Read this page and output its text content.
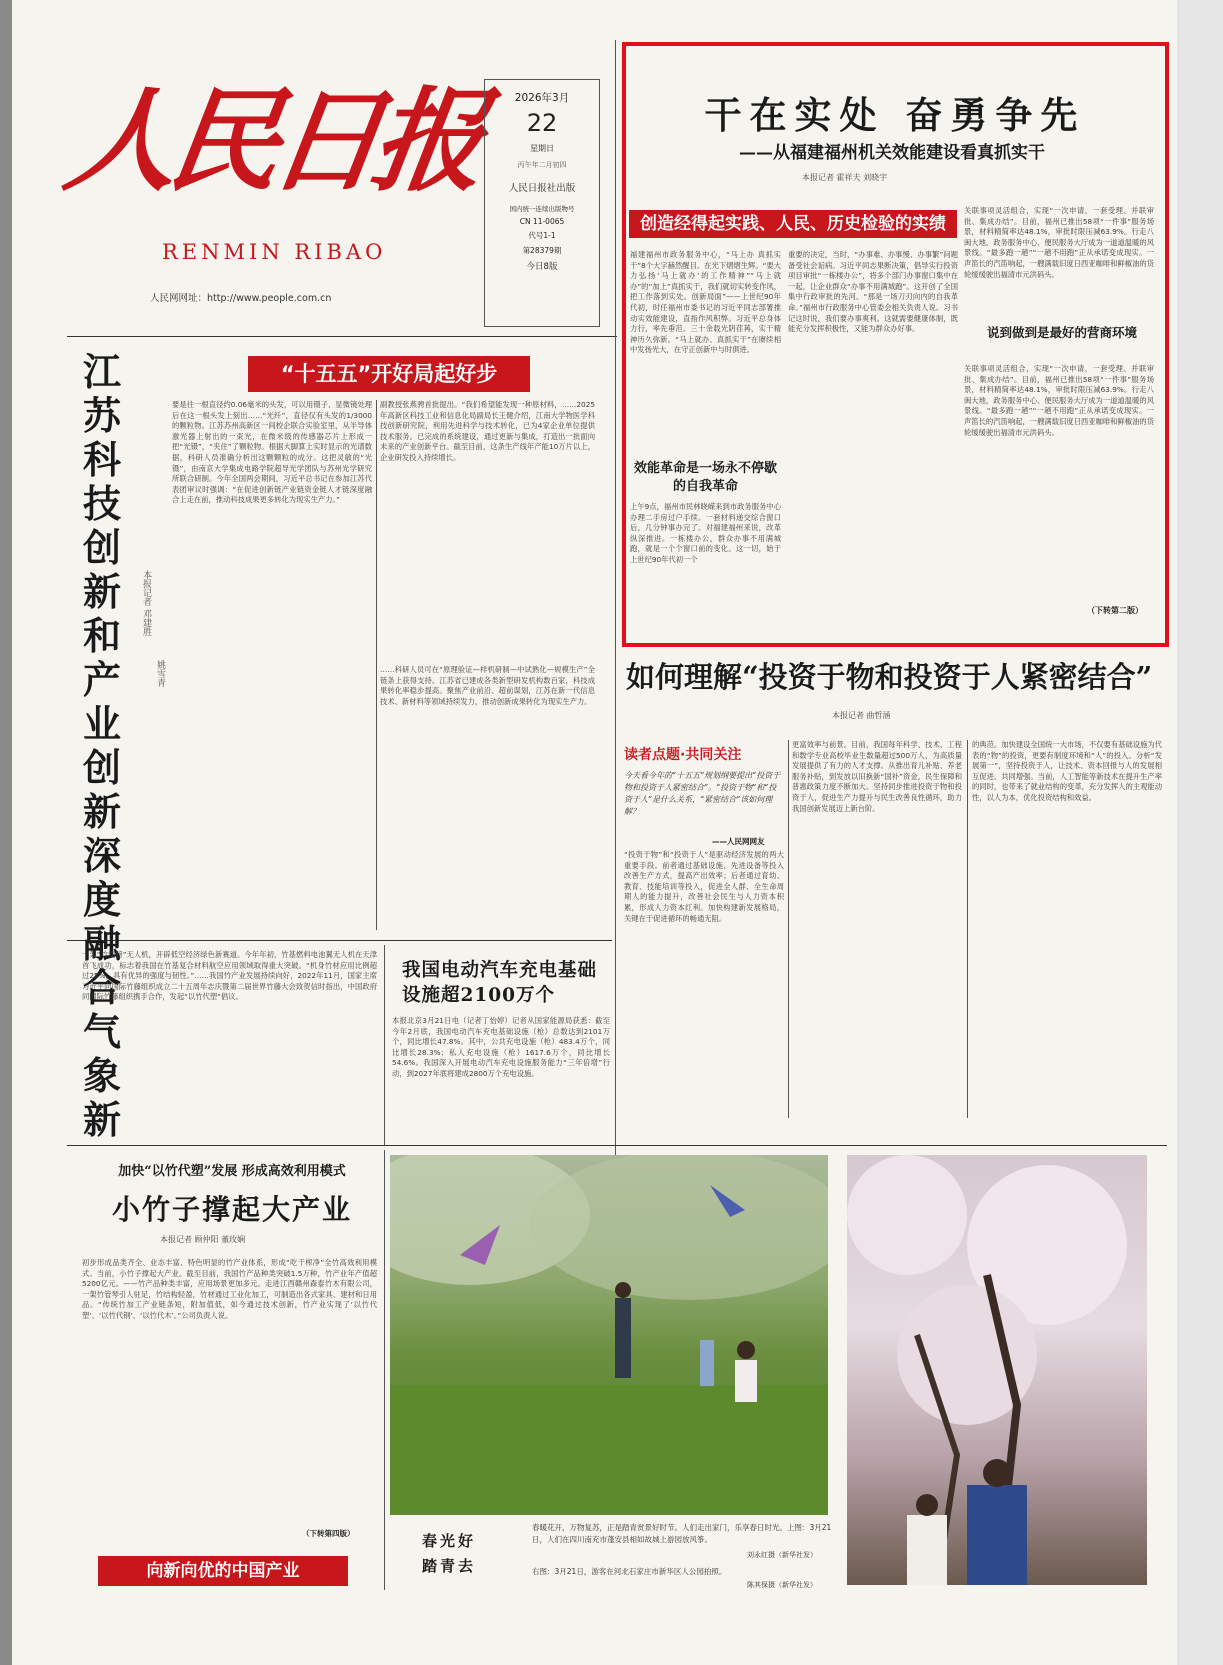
人民日报
RENMIN RIBAO
人民网网址：http://www.people.com.cn
2026年3月
22
星期日
丙午年二月初四
人民日报社出版
国内统一连续出版物号
CN 11-0065
代号1-1
第28379期
今日8版
干在实处 奋勇争先
——从福建福州机关效能建设看真抓实干
本报记者 霍祥夫 刘晓宇
创造经得起实践、人民、历史检验的实绩
福建福州市政务服务中心，“马上办 真抓实干”8个大字赫然醒目。在光下熠熠生辉。“要大力弘扬‘马上就办’的工作精神”“马上就办”的“加上”真抓实干，我们就切实转变作风，把工作落到实处。创新局面”——上世纪90年代初，时任福州市委书记的习近平同志部署推动实效能建设，直指作风积弊。习近平总身体力行，率先垂范。三十余载光阴荏苒，实干精神历久弥新。“马上就办、真抓实干”在赓续相中发扬光大，在守正创新中与时俱进。
效能革命是一场永不停歇的自我革命
上午9点，福州市民林晓嵘来到市政务服务中心办理二手房过户手续。一套材料递交综合窗口后，几分钟事办完了。对福建福州来说，改革纵深推进。一栋楼办公，群众办事不用满城跑，就是一个个窗口前的变化。这一切，始于上世纪90年代初一个
重要的决定，当时，“办事难、办事慢、办事繁”问题备受社会诟病。习近平同志果断决策，倡导实行投资项目审批“一栋楼办公”，将多个部门办事窗口集中在一起，让企业群众“办事不用满城跑”。这开创了全国集中行政审批的先河。“那是一场刀刃向内的自我革命。”福州市行政服务中心管委会相关负责人说。习书记这时说，我们要办事爽利。这就需要健康体制，既能充分发挥积极性，又能为群众办好事。
关联事项灵活组合，实现“一次申请、一套受理、并联审批、集成办结”。目前，福州已推出58项“一件事”服务场景，材料精简率达48.1%，审批时限压减63.9%。行走八闽大地，政务服务中心、便民服务大厅成为一道道温暖的风景线。“最多跑一趟”“一趟不用跑”正从承诺变成现实。一声笛长的汽笛响起，一艘满载旧度日西亚咖啡和鲜椒油的货轮缓缓驶出福清市元洪码头。
说到做到是最好的营商环境
关联事项灵活组合，实现“一次申请、一套受理、并联审批、集成办结”。目前，福州已推出58项“一件事”服务场景，材料精简率达48.1%，审批时限压减63.9%。行走八闽大地，政务服务中心、便民服务大厅成为一道道温暖的风景线。“最多跑一趟”“一趟不用跑”正从承诺变成现实。一声笛长的汽笛响起，一艘满载旧度日西亚咖啡和鲜椒油的货轮缓缓驶出福清市元洪码头。
（下转第二版）
如何理解“投资于物和投资于人紧密结合”
本报记者 曲哲涵
读者点题·共同关注
今天看今年的“十五五”规划纲要提出“投资于物和投资于人紧密结合”。“投资于物”和“投资于人”是什么关系，“紧密结合”该如何理解？
——人民网网友
“投资于物”和“投资于人”是驱动经济发展的两大重要手段。前者通过基础设施、先进设备等投入改善生产方式，提高产出效率；后者通过育幼、教育、技能培训等投入，促进全人群、全生命周期人的能力提升，改善社会民生与人力资本积累，形成人力资本红利。加快构建新发展格局，关键在于促进循环的畅通无阻。
更富效率与前景。目前，我国每年科学、技术、工程和数学专业高校毕业生数量超过500万人，为高质量发展提供了有力的人才支撑。从推出育儿补贴、养老服务补贴，到发放以旧换新“国补”资金，民生保障和普惠政策力度不断加大。坚持同步推进投资于物和投资于人，促进生产力提升与民生改善良性循环，助力我国创新发展迈上新台阶。
的典范。加快建设全国统一大市场，不仅要有基础设施为代表的“物”的投资，更要有制度环境和“人”的投入。分析“发展第一”，坚持投资于人，让技术、资本回报与人的发展相互促进、共同增强。当前，人工智能等新技术在提升生产率的同时，也带来了就业结构的变革，充分发挥人的主观能动性，以人为本，优化投资结构和效益。
江苏科技创新和产业创新深度融合气象新
本报记者 邓建胜
姚雪青
“十五五”开好局起好步
要是往一根直径约0.06毫米的头发，可以用镊子、显微镜处理后在这一根头发上刻出……“光纤”，直径仅有头发的1/3000的颗粒物。江苏苏州高新区一间校企联合实验室里，从半导体激光器上射出的一束光，在微米级的传感器芯片上形成一把“光镊”，“夹住”了颗粒物。根据大脚算上实时显示的光谱数据，科研人员准确分析出这颗颗粒的成分。这把灵敏的“光镊”，由南京大学集成电路学院超导光学团队与苏州光学研究所联合研制。今年全国两会期间，习近平总书记在参加江苏代表团审议时强调：“在促进创新链产业链资金链人才链深度融合上走在前，推动科技成果更多转化为现实生产力。”
副教授张燕骋首批提出。“我们希望能发现一种原材料，……2025年高新区科技工业和信息化局副局长王健介绍，江南大学物医学科技创新研究院，利用先进科学与技术转化，已为4家企业单位提供技术服务。已完成的系统建设，通过更新与集成，打造出一批面向未来的产业创新平台。截至目前，这条生产线年产能10万片以上，企业研发投入持续增长。
……科研人员可在“原理验证—样机研制—中试熟化—规模生产”全链条上获得支持。江苏省已建成各类新型研发机构数百家，科技成果转化率稳步提高。聚焦产业前沿、超前谋划，江苏在新一代信息技术、新材料等领域持续发力，推动创新成果转化为现实生产力。
一架“竹翅膀”无人机，开辟低空经济绿色新赛道。今年年初，竹基燃料电池翼无人机在天津首飞成功，标志着我国在竹基复合材料航空应用领域取得重大突破。“机身竹材应用比例超过25%，具有优异的强度与韧性。”……我国竹产业发展持续向好，2022年11月，国家主席习近平向国际竹藤组织成立二十五周年志庆暨第二届世界竹藤大会致贺信时指出，中国政府同国际竹藤组织携手合作，发起“以竹代塑”倡议。
加快“以竹代塑”发展 形成高效利用模式
小竹子撑起大产业
本报记者 顾仲阳 董玫娴
初步形成品类齐全、业态丰富、特色明显的竹产业体系，形成“吃干榨净”全竹高效利用模式。当前，小竹子撑起大产业。截至目前，我国竹产品种类突破1.5万种，竹产业年产值超5200亿元。——竹产品种类丰富，应用场景更加多元。走进江西赣州森泰竹木有限公司，一架竹管琴引人驻足，竹结构轻盈，竹材通过工业化加工，可制造出各式家具、建材和日用品。“传统竹加工产业链条短，附加值低，如今通过技术创新，竹产业实现了‘以竹代塑’、‘以竹代钢’、‘以竹代木’。”公司负责人说。
（下转第四版）
向新向优的中国产业
我国电动汽车充电基础设施超2100万个
本报北京3月21日电（记者丁怡婷）记者从国家能源局获悉：截至今年2月底，我国电动汽车充电基础设施（枪）总数达到2101万个，同比增长47.8%。其中，公共充电设施（枪）483.4万个，同比增长28.3%；私人充电设施（枪）1617.6万个，同比增长54.6%。我国深入开展电动汽车充电设施服务能力“三年倍增”行动，到2027年底将建成2800万个充电设施。
春光好
踏青去
春暖花开，万物复苏，正是踏青赏景好时节。人们走出家门，乐享春日时光。上图：3月21日，人们在四川南充市蓬安县相如故城上游园放风筝。
刘永红摄（新华社发）
右图：3月21日，游客在河北石家庄市新华区人公园拍照。
陈其保摄（新华社发）
